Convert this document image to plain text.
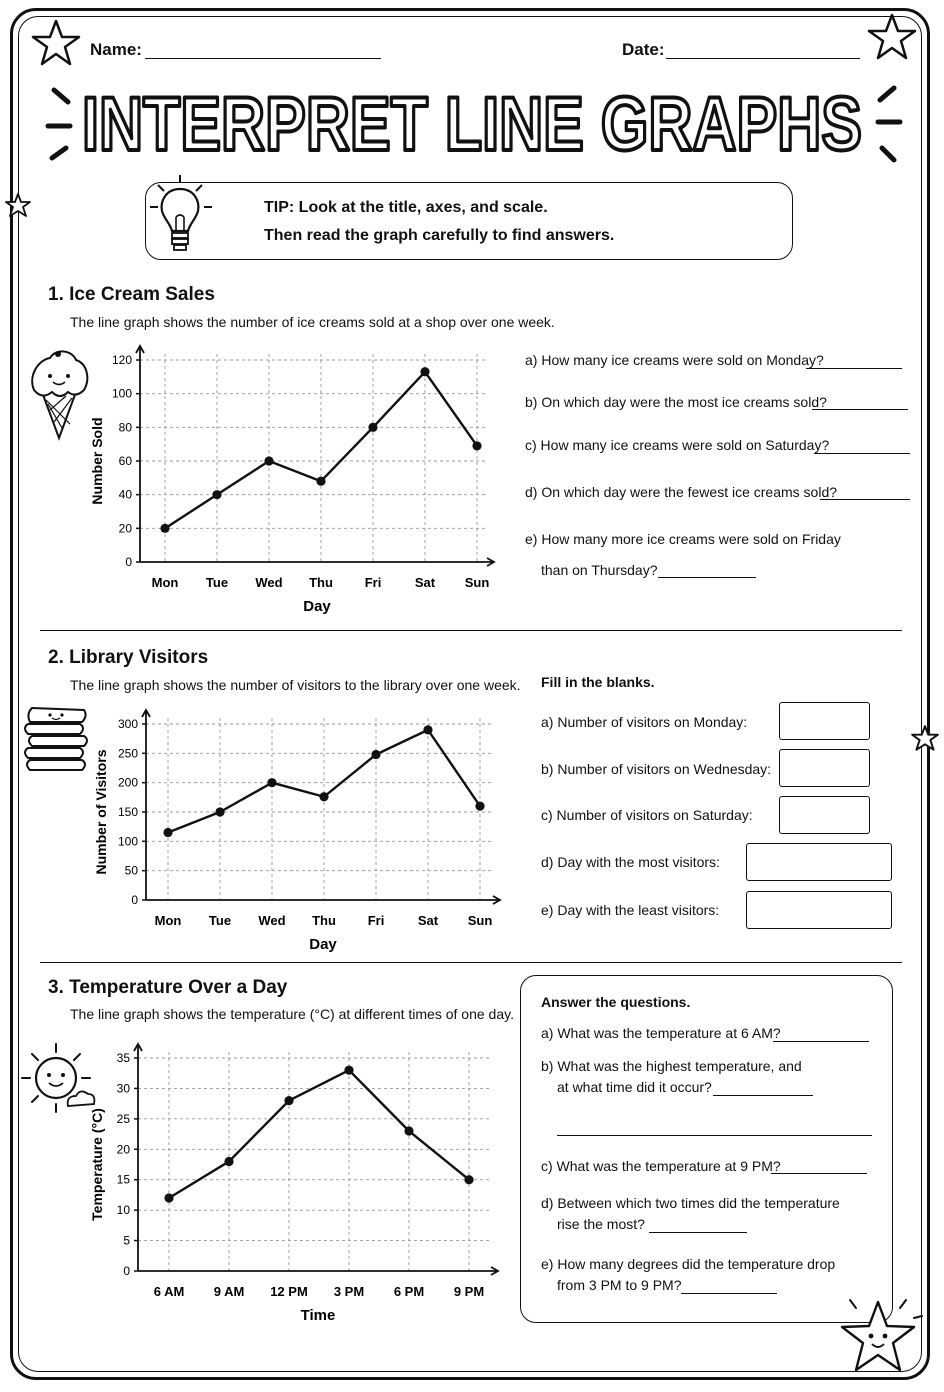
Name:	Date:
INTERPRET LINE GRAPHS
TIP: Look at the title, axes, and scale.
Then read the graph carefully to find answers.
1. Ice Cream Sales
The line graph shows the number of ice creams sold at a shop over one week.
0
20
40
60
80
100
120
Mon Tue Wed Thu Fri	Sat Sun
Day
Number Sold
a) How many ice creams were sold on Monday?
b) On which day were the most ice creams sold?
c) How many ice creams were sold on Saturday?
d) On which day were the fewest ice creams sold?
e) How many more ice creams were sold on Friday
than on Thursday?
2. Library Visitors
The line graph shows the number of visitors to the library over one week.
0
50
100
150
200
250
300
Mon Tue Wed Thu Fri	Sat Sun
Day
Number of Visitors
Fill in the blanks.
a) Number of visitors on Monday:
b) Number of visitors on Wednesday:
c) Number of visitors on Saturday:
d) Day with the most visitors:
e) Day with the least visitors:
3. Temperature Over a Day
The line graph shows the temperature (°C) at different times of one day.
0
5
10
15
20
25
30
35
6 AM 9 AM 12 PM 3 PM 6 PM 9 PM
Time
Temperature (°C)
Answer the questions.
a) What was the temperature at 6 AM?
b) What was the highest temperature, and
at what time did it occur?
c) What was the temperature at 9 PM?
d) Between which two times did the temperature
rise the most?
e) How many degrees did the temperature drop
from 3 PM to 9 PM?
